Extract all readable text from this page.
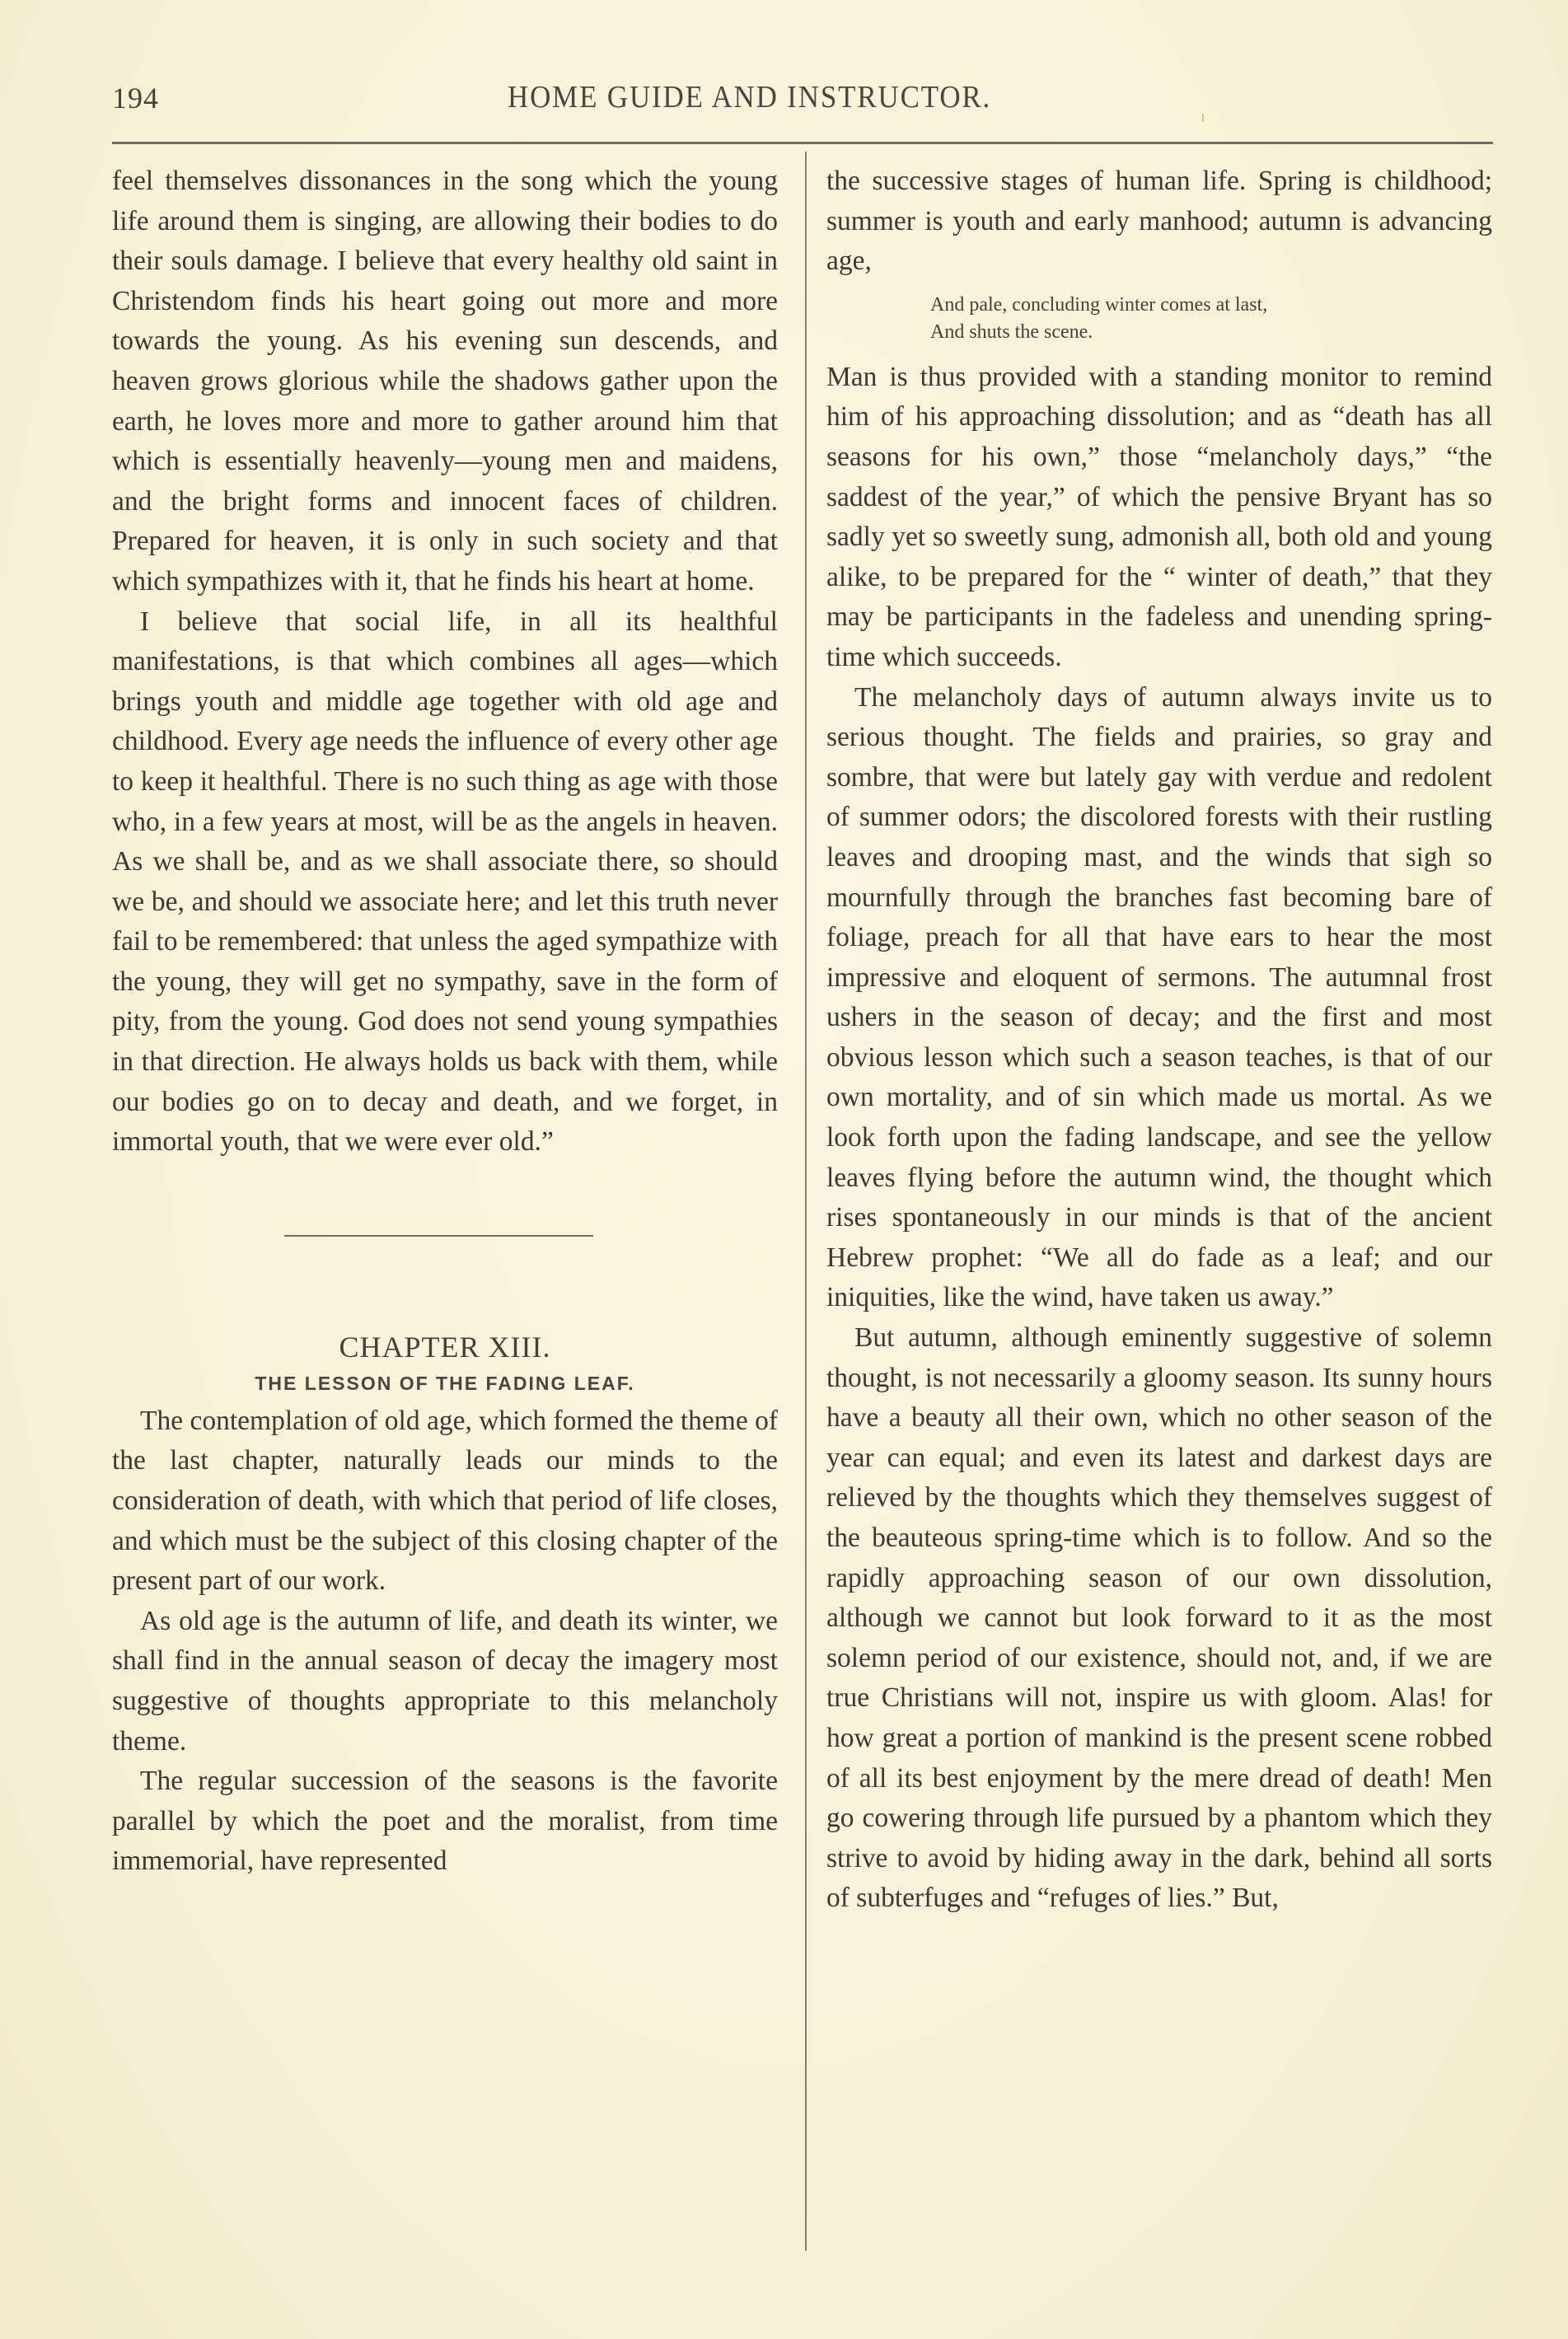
194	HOME GUIDE AND INSTRUCTOR.

feel themselves dissonances in the song which the young life around them is singing, are allowing their bodies to do their souls damage. I believe that every healthy old saint in Christendom finds his heart going out more and more towards the young. As his evening sun descends, and heaven grows glorious while the shadows gather upon the earth, he loves more and more to gather around him that which is essentially heavenly—young men and maidens, and the bright forms and innocent faces of children. Prepared for heaven, it is only in such society and that which sympathizes with it, that he finds his heart at home.

I believe that social life, in all its healthful manifestations, is that which combines all ages—which brings youth and middle age together with old age and childhood. Every age needs the influence of every other age to keep it healthful. There is no such thing as age with those who, in a few years at most, will be as the angels in heaven. As we shall be, and as we shall associate there, so should we be, and should we associate here; and let this truth never fail to be remembered: that unless the aged sympathize with the young, they will get no sympathy, save in the form of pity, from the young. God does not send young sympathies in that direction. He always holds us back with them, while our bodies go on to decay and death, and we forget, in immortal youth, that we were ever old.”

CHAPTER XIII.
THE LESSON OF THE FADING LEAF.

The contemplation of old age, which formed the theme of the last chapter, naturally leads our minds to the consideration of death, with which that period of life closes, and which must be the subject of this closing chapter of the present part of our work.

As old age is the autumn of life, and death its winter, we shall find in the annual season of decay the imagery most suggestive of thoughts appropriate to this melancholy theme.

The regular succession of the seasons is the favorite parallel by which the poet and the moralist, from time immemorial, have represented

the successive stages of human life. Spring is childhood; summer is youth and early manhood; autumn is advancing age,

And pale, concluding winter comes at last,
And shuts the scene.

Man is thus provided with a standing monitor to remind him of his approaching dissolution; and as “death has all seasons for his own,” those “melancholy days,” “the saddest of the year,” of which the pensive Bryant has so sadly yet so sweetly sung, admonish all, both old and young alike, to be prepared for the “ winter of death,” that they may be participants in the fadeless and unending spring-time which succeeds.

The melancholy days of autumn always invite us to serious thought. The fields and prairies, so gray and sombre, that were but lately gay with verdue and redolent of summer odors; the discolored forests with their rustling leaves and drooping mast, and the winds that sigh so mournfully through the branches fast becoming bare of foliage, preach for all that have ears to hear the most impressive and eloquent of sermons. The autumnal frost ushers in the season of decay; and the first and most obvious lesson which such a season teaches, is that of our own mortality, and of sin which made us mortal. As we look forth upon the fading landscape, and see the yellow leaves flying before the autumn wind, the thought which rises spontaneously in our minds is that of the ancient Hebrew prophet: “We all do fade as a leaf; and our iniquities, like the wind, have taken us away.”

But autumn, although eminently suggestive of solemn thought, is not necessarily a gloomy season. Its sunny hours have a beauty all their own, which no other season of the year can equal; and even its latest and darkest days are relieved by the thoughts which they themselves suggest of the beauteous spring-time which is to follow. And so the rapidly approaching season of our own dissolution, although we cannot but look forward to it as the most solemn period of our existence, should not, and, if we are true Christians will not, inspire us with gloom. Alas! for how great a portion of mankind is the present scene robbed of all its best enjoyment by the mere dread of death! Men go cowering through life pursued by a phantom which they strive to avoid by hiding away in the dark, behind all sorts of subterfuges and “refuges of lies.” But,
